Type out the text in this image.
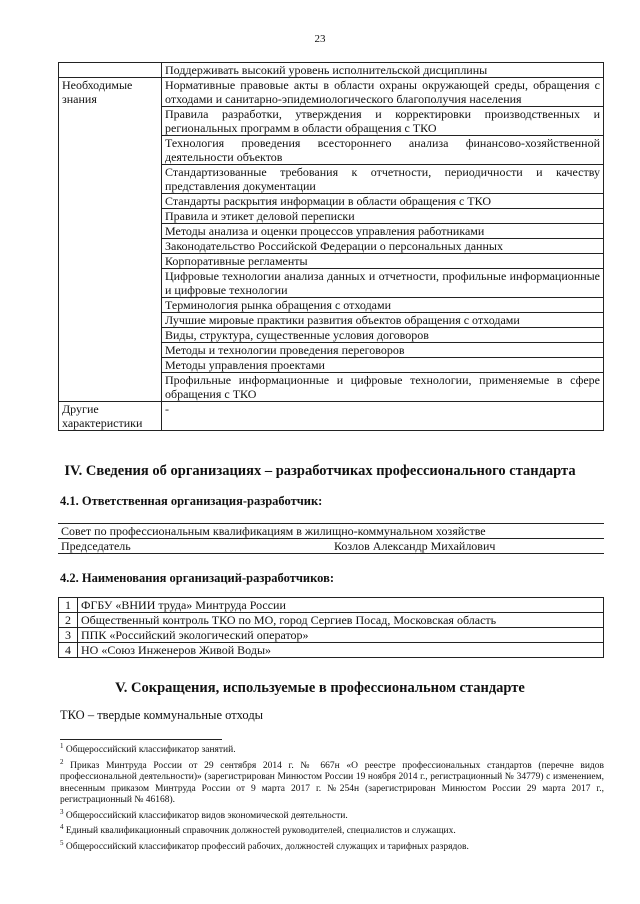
23
	Поддерживать высокий уровень исполнительской дисциплины
Необходимые знания	Нормативные правовые акты в области охраны окружающей среды, обращения с отходами и санитарно-эпидемиологического благополучия населения
	Правила разработки, утверждения и корректировки производственных и региональных программ в области обращения с ТКО
	Технология проведения всестороннего анализа финансово-хозяйственной деятельности объектов
	Стандартизованные требования к отчетности, периодичности и качеству представления документации
	Стандарты раскрытия информации в области обращения с ТКО
	Правила и этикет деловой переписки
	Методы анализа и оценки процессов управления работниками
	Законодательство Российской Федерации о персональных данных
	Корпоративные регламенты
	Цифровые технологии анализа данных и отчетности, профильные информационные и цифровые технологии
	Терминология рынка обращения с отходами
	Лучшие мировые практики развития объектов обращения с отходами
	Виды, структура, существенные условия договоров
	Методы и технологии проведения переговоров
	Методы управления проектами
	Профильные информационные и цифровые технологии, применяемые в сфере обращения с ТКО
Другие характеристики	-
IV. Сведения об организациях – разработчиках профессионального стандарта
4.1. Ответственная организация-разработчик:
Совет по профессиональным квалификациям в жилищно-коммунальном хозяйстве
Председатель	Козлов Александр Михайлович
4.2. Наименования организаций-разработчиков:
1	ФГБУ «ВНИИ труда» Минтруда России
2	Общественный контроль ТКО по МО, город Сергиев Посад, Московская область
3	ППК «Российский экологический оператор»
4	НО «Союз Инженеров Живой Воды»
V. Сокращения, используемые в профессиональном стандарте
ТКО – твердые коммунальные отходы

$^1$ Общероссийский классификатор занятий.

$^2$ Приказ Минтруда России от 29 сентября 2014 г. № 667н «О реестре профессиональных стандартов (перечне видов профессиональной деятельности)» (зарегистрирован Минюстом России 19 ноября 2014 г., регистрационный № 34779) с изменением, внесенным приказом Минтруда России от 9 марта 2017 г. №254н (зарегистрирован Минюстом России 29 марта 2017 г., регистрационный № 46168).

$^3$ Общероссийский классификатор видов экономической деятельности.

$^4$ Единый квалификационный справочник должностей руководителей, специалистов и служащих.

$^5$ Общероссийский классификатор профессий рабочих, должностей служащих и тарифных разрядов.
